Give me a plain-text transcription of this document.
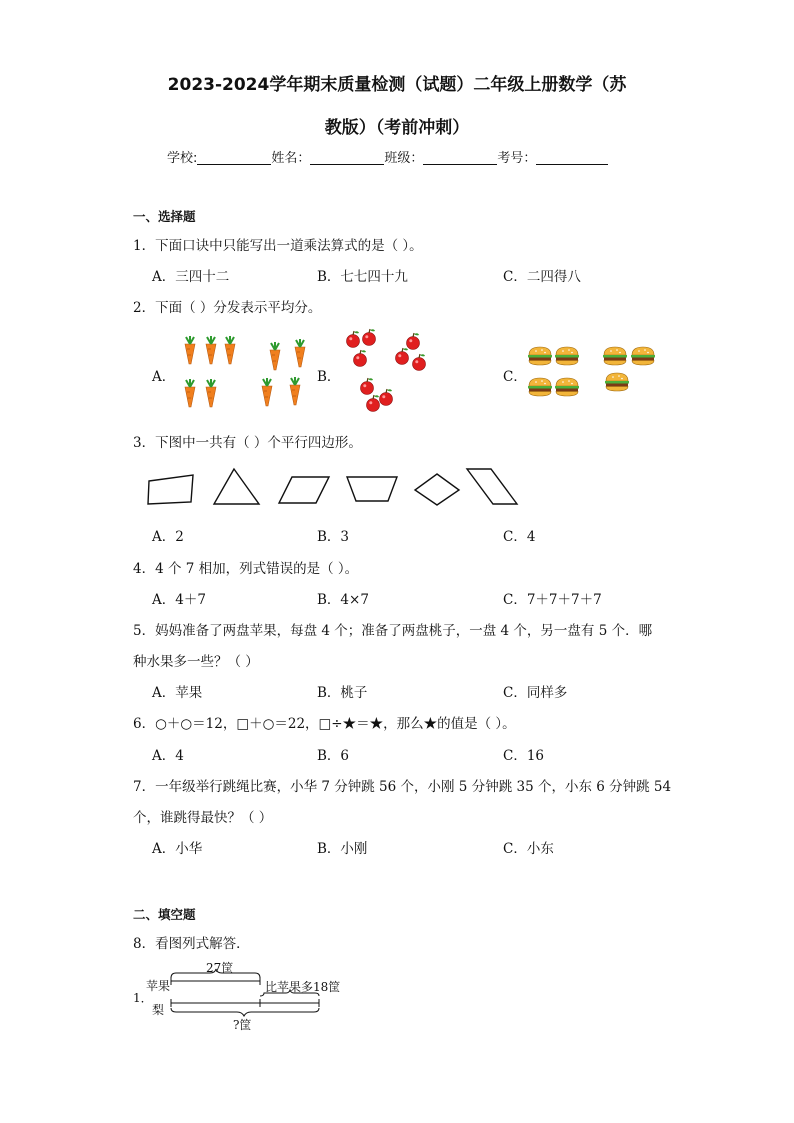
2023-2024学年期末质量检测（试题）二年级上册数学（苏
教版）（考前冲刺）
学校:	姓名：	班级：	考号：
一、选择题
1．下面口诀中只能写出一道乘法算式的是（ ）。
A．三四十二	B．七七四十九	C．二四得八
2．下面（ ）分发表示平均分。
A．	B．	C．
3．下图中一共有（ ）个平行四边形。
A．2	B．3	C．4
4．4 个 7 相加，列式错误的是（ ）。
A．4＋7	B．4×7	C．7＋7＋7＋7
5．妈妈准备了两盘苹果，每盘 4 个；准备了两盘桃子，一盘 4 个，另一盘有 5 个．哪
种水果多一些？（ ）
A．苹果	B．桃子	C．同样多
6．○＋○＝12，□＋○＝22，□÷★＝★，那么★的值是（ ）。
A．4	B．6	C．16
7．一年级举行跳绳比赛，小华 7 分钟跳 56 个，小刚 5 分钟跳 35 个，小东 6 分钟跳 54
个，谁跳得最快？（ ）
A．小华	B．小刚	C．小东
二、填空题
8．看图列式解答．
1．
苹果
梨
27筐
比苹果多18筐
?筐
